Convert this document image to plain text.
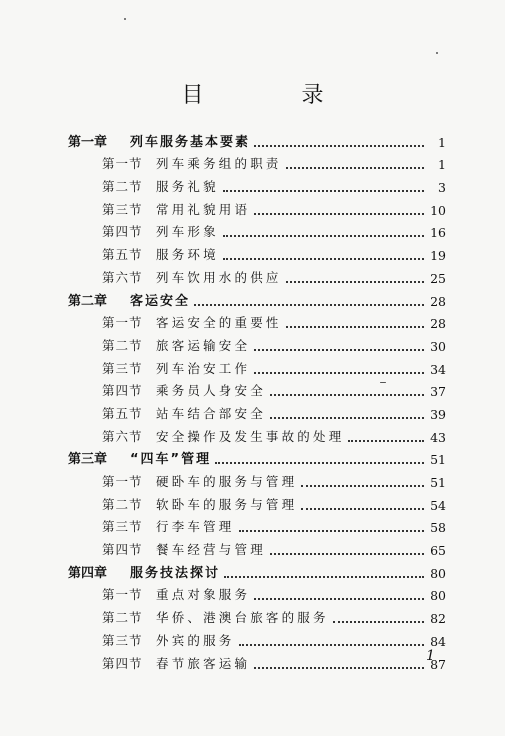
目　录
第一章	列车服务基本要素	1
第一节	列车乘务组的职责	1
第二节	服务礼貌	3
第三节	常用礼貌用语	10
第四节	列车形象	16
第五节	服务环境	19
第六节	列车饮用水的供应	25
第二章	客运安全	28
第一节	客运安全的重要性	28
第二节	旅客运输安全	30
第三节	列车治安工作	34
第四节	乘务员人身安全	37
第五节	站车结合部安全	39
第六节	安全操作及发生事故的处理	43
第三章	“四车”管理	51
第一节	硬卧车的服务与管理	51
第二节	软卧车的服务与管理	54
第三节	行李车管理	58
第四节	餐车经营与管理	65
第四章	服务技法探讨	80
第一节	重点对象服务	80
第二节	华侨、港澳台旅客的服务	82
第三节	外宾的服务	84
第四节	春节旅客运输	87
1
